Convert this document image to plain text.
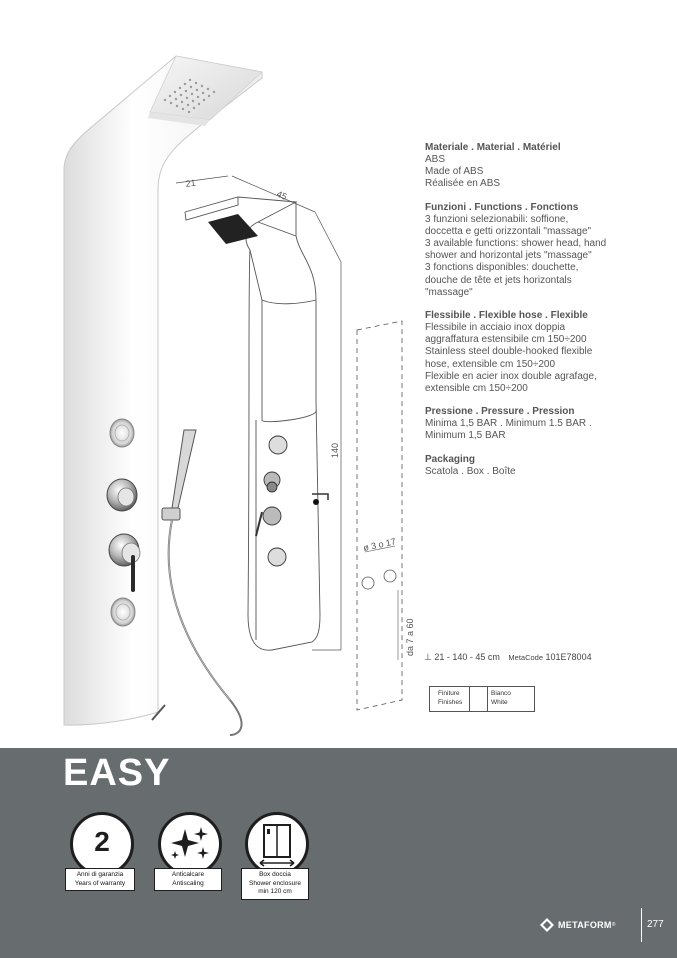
21
45
140
ø 3 o 17
da 7 a 60
Materiale . Material . Matériel
ABS
Made of ABS
Réalisée en ABS
Funzioni . Functions . Fonctions
3 funzioni selezionabili: soffione,
doccetta e getti orizzontali "massage"
3 available functions: shower head, hand
shower and horizontal jets "massage"
3 fonctions disponibles: douchette,
douche de tête et jets horizontals
"massage"
Flessibile . Flexible hose . Flexible
Flessibile in acciaio inox doppia
aggraffatura estensibile cm 150÷200
Stainless steel double-hooked flexible
hose, extensible cm 150÷200
Flexible en acier inox double agrafage,
extensible cm 150÷200
Pressione . Pressure . Pression
Minima 1,5 BAR . Minimum 1.5 BAR .
Minimum 1,5 BAR
Packaging
Scatola . Box . Boîte
⊥ 21 - 140 - 45 cm MetaCode 101E78004
Finiture
Finishes
Bianco
White
EASY
2
Anni di garanzia
Years of warranty
Anticalcare
Antiscaling
Box doccia
Shower enclosure
min 120 cm
METAFORM ®	277
